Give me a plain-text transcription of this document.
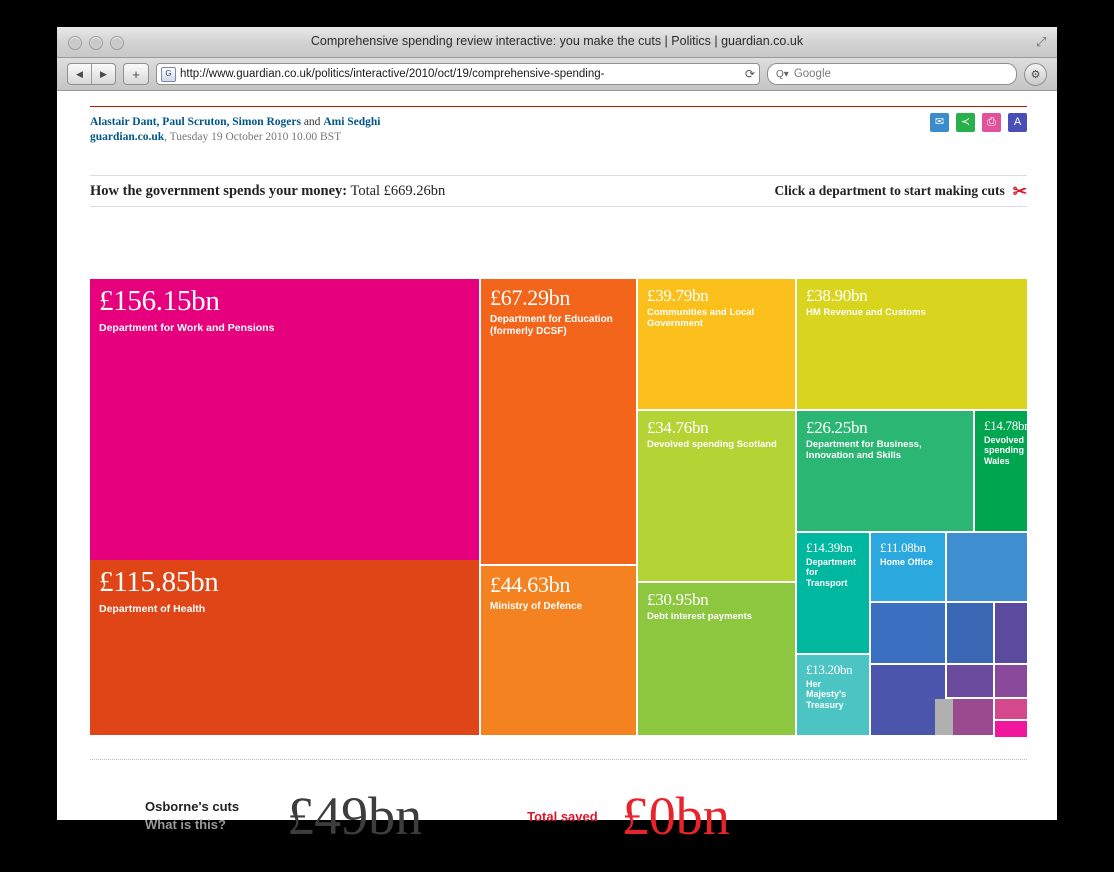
Comprehensive spending review interactive: you make the cuts | Politics | guardian.co.uk	⤢
◀	▶	+	G http://www.guardian.co.uk/politics/interactive/2010/oct/19/comprehensive-spending-	⟳ Q▾ Google	⚙
Alastair Dant, Paul Scruton, Simon Rogers and Ami Sedghi
guardian.co.uk, Tuesday 19 October 2010 10.00 BST
✉	≺	⎙	A
How the government spends your money: Total £669.26bn	Click a department to start making cuts ✂
£156.15bn
Department for Work and Pensions
£115.85bn
Department of Health
£67.29bn
Department for Education (formerly DCSF)
£44.63bn
Ministry of Defence
£39.79bn
Communities and Local Government
£38.90bn
HM Revenue and Customs
£34.76bn
Devolved spending Scotland
£30.95bn
Debt interest payments
£26.25bn
Department for Business, Innovation and Skills
£14.78bn
Devolved spending Wales
£14.39bn
Department for Transport
£13.20bn
Her Majesty's Treasury
£11.08bn
Home Office
Osborne's cuts
What is this? £49bn	Total saved £0bn
